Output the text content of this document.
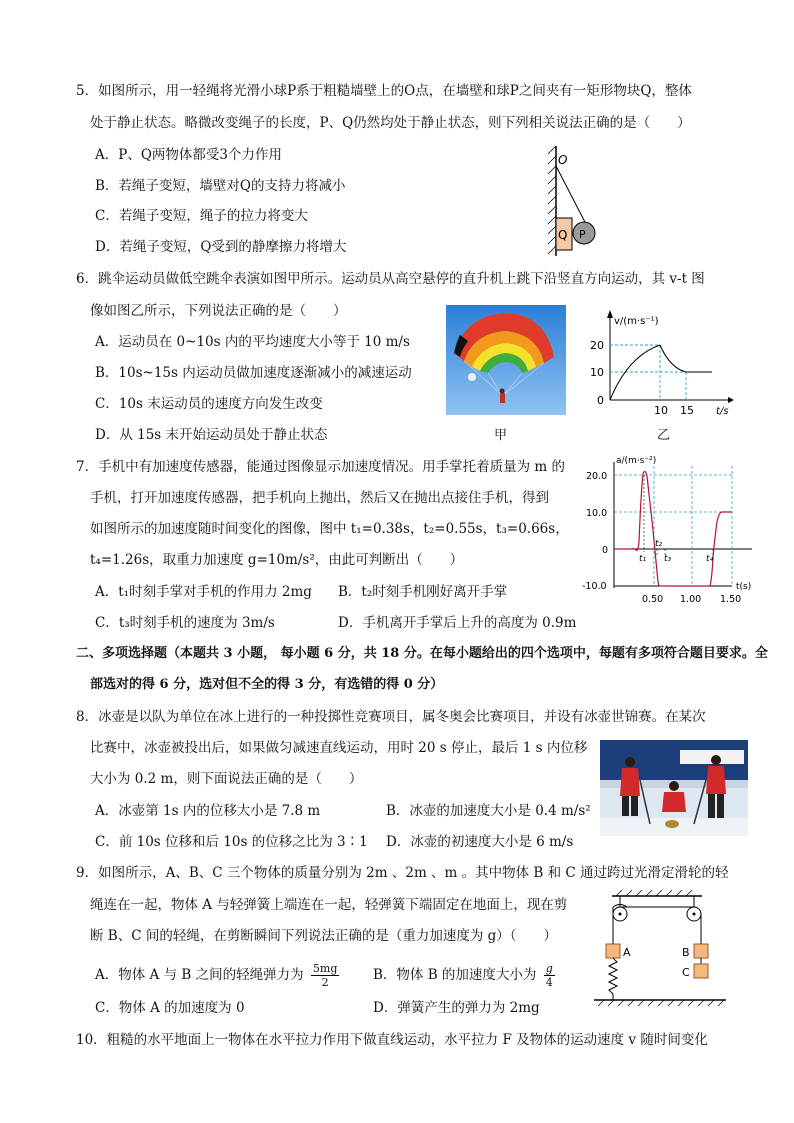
5．如图所示，用一轻绳将光滑小球P系于粗糙墙壁上的O点，在墙壁和球P之间夹有一矩形物块Q，整体
处于静止状态。略微改变绳子的长度，P、Q仍然均处于静止状态，则下列相关说法正确的是（　　）
A．P、Q两物体都受3个力作用
B．若绳子变短，墙壁对Q的支持力将减小
C．若绳子变短，绳子的拉力将变大
D．若绳子变短，Q受到的静摩擦力将增大
O
Q P
6．跳伞运动员做低空跳伞表演如图甲所示。运动员从高空悬停的直升机上跳下沿竖直方向运动，其 v-t 图
像如图乙所示，下列说法正确的是（　　）
A．运动员在 0~10s 内的平均速度大小等于 10 m/s
B．10s~15s 内运动员做加速度逐渐减小的减速运动
C．10s 末运动员的速度方向发生改变
D．从 15s 末开始运动员处于静止状态	甲
v/(m·s⁻¹)
20
10
0
10 15 t/s
乙
7．手机中有加速度传感器，能通过图像显示加速度情况。用手掌托着质量为 m 的
手机，打开加速度传感器，把手机向上抛出，然后又在抛出点接住手机，得到
如图所示的加速度随时间变化的图像，图中 t₁=0.38s，t₂=0.55s，t₃=0.66s，
t₄=1.26s，取重力加速度 g=10m/s²，由此可判断出（　　）
A．t₁时刻手掌对手机的作用力 2mg B．t₂时刻手机刚好离开手掌
C．t₃时刻手机的速度为 3m/s	D．手机离开手掌后上升的高度为 0.9m
a/(m·s⁻²)
20.0
10.0
0
-10.0
0.50 1.00 1.50
t(s)
t₁
t₂
t₃	t₄
二、多项选择题（本题共 3 小题， 每小题 6 分，共 18 分。在每小题给出的四个选项中，每题有多项符合题目要求。全
部选对的得 6 分，选对但不全的得 3 分，有选错的得 0 分）
8．冰壶是以队为单位在冰上进行的一种投掷性竞赛项目，属冬奥会比赛项目，并设有冰壶世锦赛。在某次
比赛中，冰壶被投出后，如果做匀减速直线运动，用时 20 s 停止，最后 1 s 内位移
大小为 0.2 m，则下面说法正确的是（　　）
A．冰壶第 1s 内的位移大小是 7.8 m	B．冰壶的加速度大小是 0.4 m/s²
C．前 10s 位移和后 10s 的位移之比为 3∶1 D．冰壶的初速度大小是 6 m/s
9．如图所示，A、B、C 三个物体的质量分别为 2m 、2m 、m 。其中物体 B 和 C 通过跨过光滑定滑轮的轻
绳连在一起，物体 A 与轻弹簧上端连在一起，轻弹簧下端固定在地面上，现在剪
断 B、C 间的轻绳，在剪断瞬间下列说法正确的是（重力加速度为 g）（　　）
A．物体 A 与 B 之间的轻绳弹力为 $\frac{5mg}{2}$ B．物体 B 的加速度大小为 $\frac{g}{4}$
C．物体 A 的加速度为 0	D．弹簧产生的弹力为 2mg
A	B
C
10．粗糙的水平地面上一物体在水平拉力作用下做直线运动，水平拉力 F 及物体的运动速度 v 随时间变化
